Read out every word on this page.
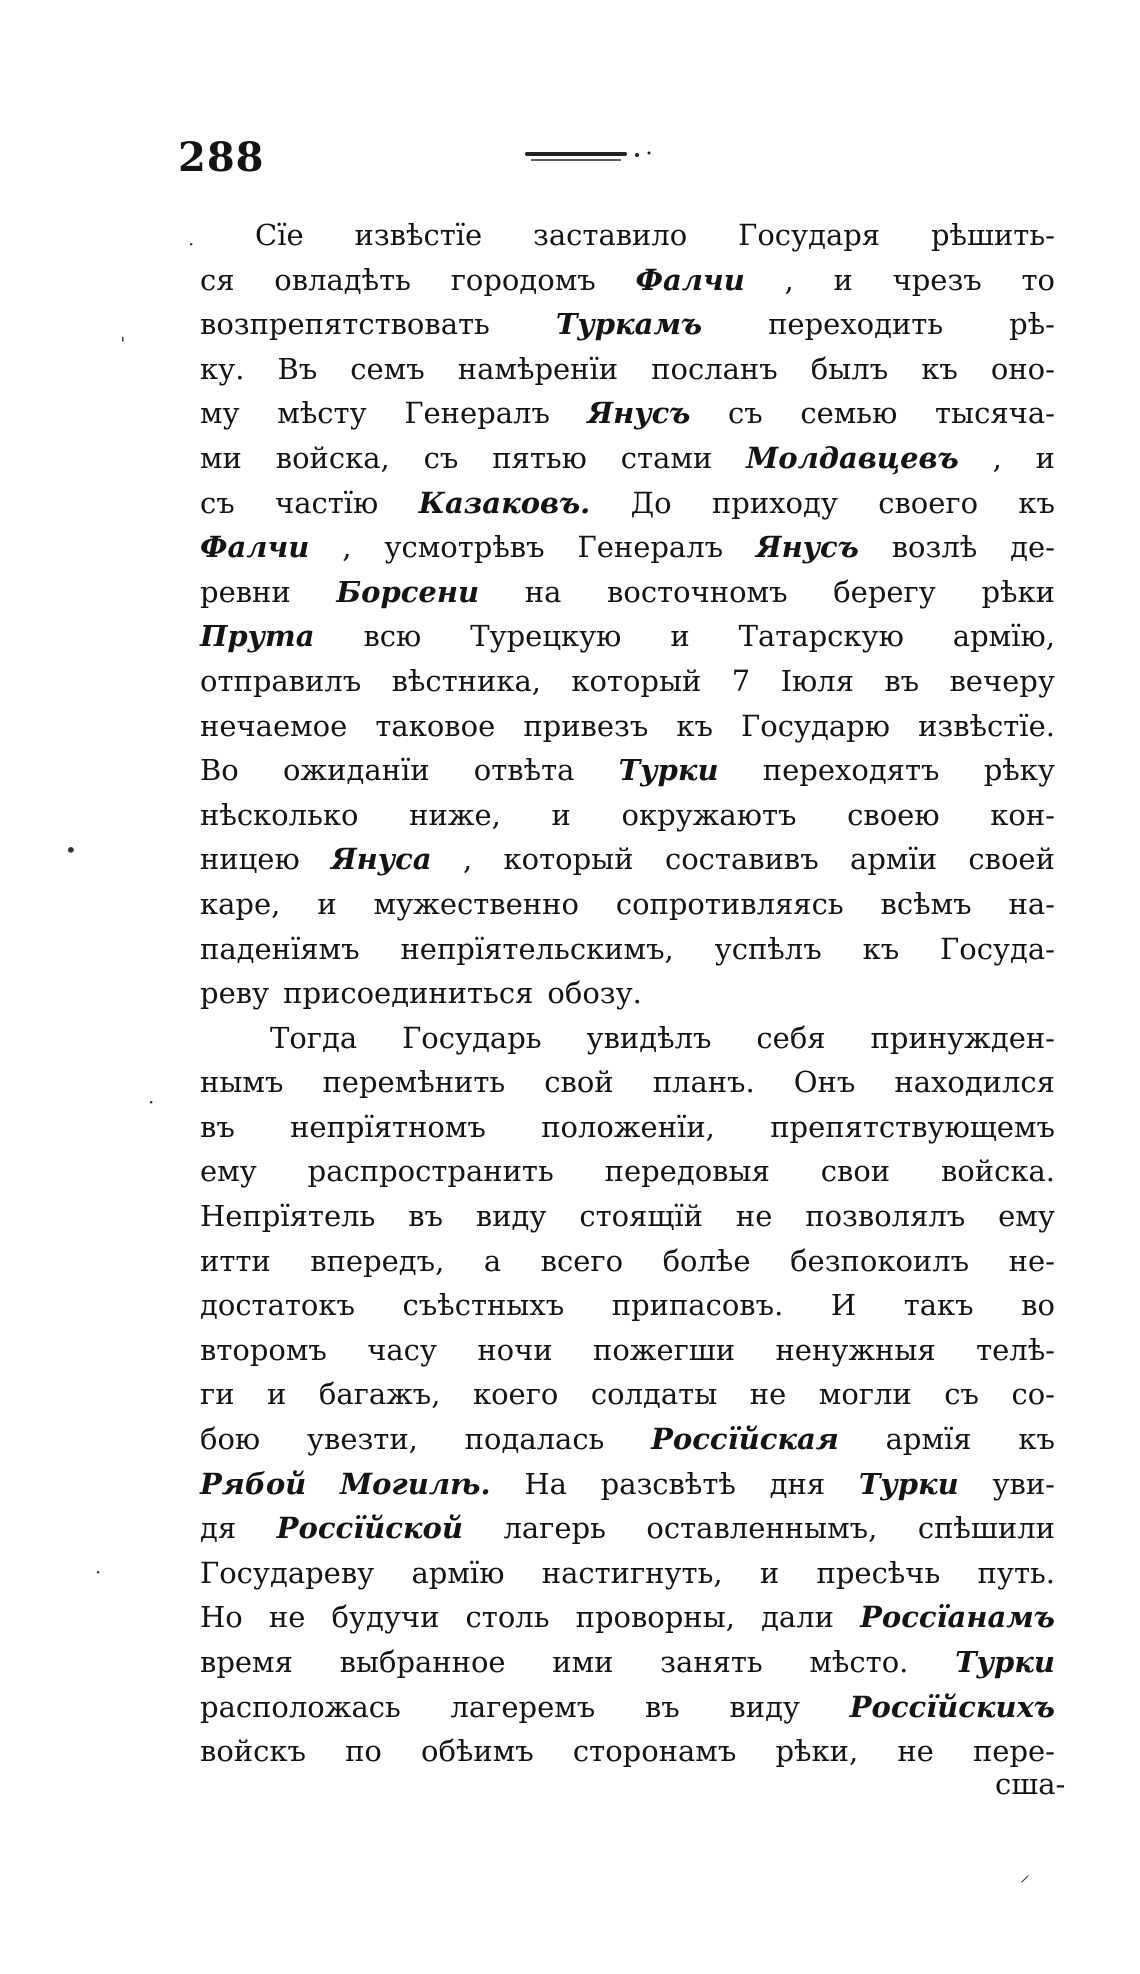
288
Сїе извѣстїе заставило Государя рѣшить-
ся овладѣть городомъ Фалчи , и чрезъ то
возпрепятствовать Туркамъ переходить рѣ-
ку. Въ семъ намѣренїи посланъ былъ къ оно-
му мѣсту Генералъ Янусъ съ семью тысяча-
ми войска, съ пятью стами Молдавцевъ , и
съ частїю Казаковъ. До приходу своего къ
Фалчи , усмотрѣвъ Генералъ Янусъ возлѣ де-
ревни Борсени на восточномъ берегу рѣки
Прута всю Турецкую и Татарскую армїю,
отправилъ вѣстника, который 7 Iюля въ вечеру
нечаемое таковое привезъ къ Государю извѣстїе.
Во ожиданїи отвѣта Турки переходятъ рѣку
нѣсколько ниже, и окружаютъ своею кон-
ницею Януса , который составивъ армїи своей
каре, и мужественно сопротивляясь всѣмъ на-
паденїямъ непрїятельскимъ, успѣлъ къ Госуда-
реву присоединиться обозу.
Тогда Государь увидѣлъ себя принужден-
нымъ перемѣнить свой планъ. Онъ находился
въ непрїятномъ положенїи, препятствующемъ
ему распространить передовыя свои войска.
Непрїятель въ виду стоящїй не позволялъ ему
итти впередъ, а всего болѣе безпокоилъ не-
достатокъ съѣстныхъ припасовъ. И такъ во
второмъ часу ночи пожегши ненужныя телѣ-
ги и багажъ, коего солдаты не могли съ со-
бою увезти, подалась Россїйская армїя къ
Рябой Могилѣ. На разсвѣтѣ дня Турки уви-
дя Россїйской лагерь оставленнымъ, спѣшили
Государеву армїю настигнуть, и пресѣчь путь.
Но не будучи столь проворны, дали Россїанамъ
время выбранное ими занять мѣсто. Турки
расположась лагеремъ въ виду Россїйскихъ
войскъ по обѣимъ сторонамъ рѣки, не пере-
сша-
·
ˌ
•
·
·
⸝
